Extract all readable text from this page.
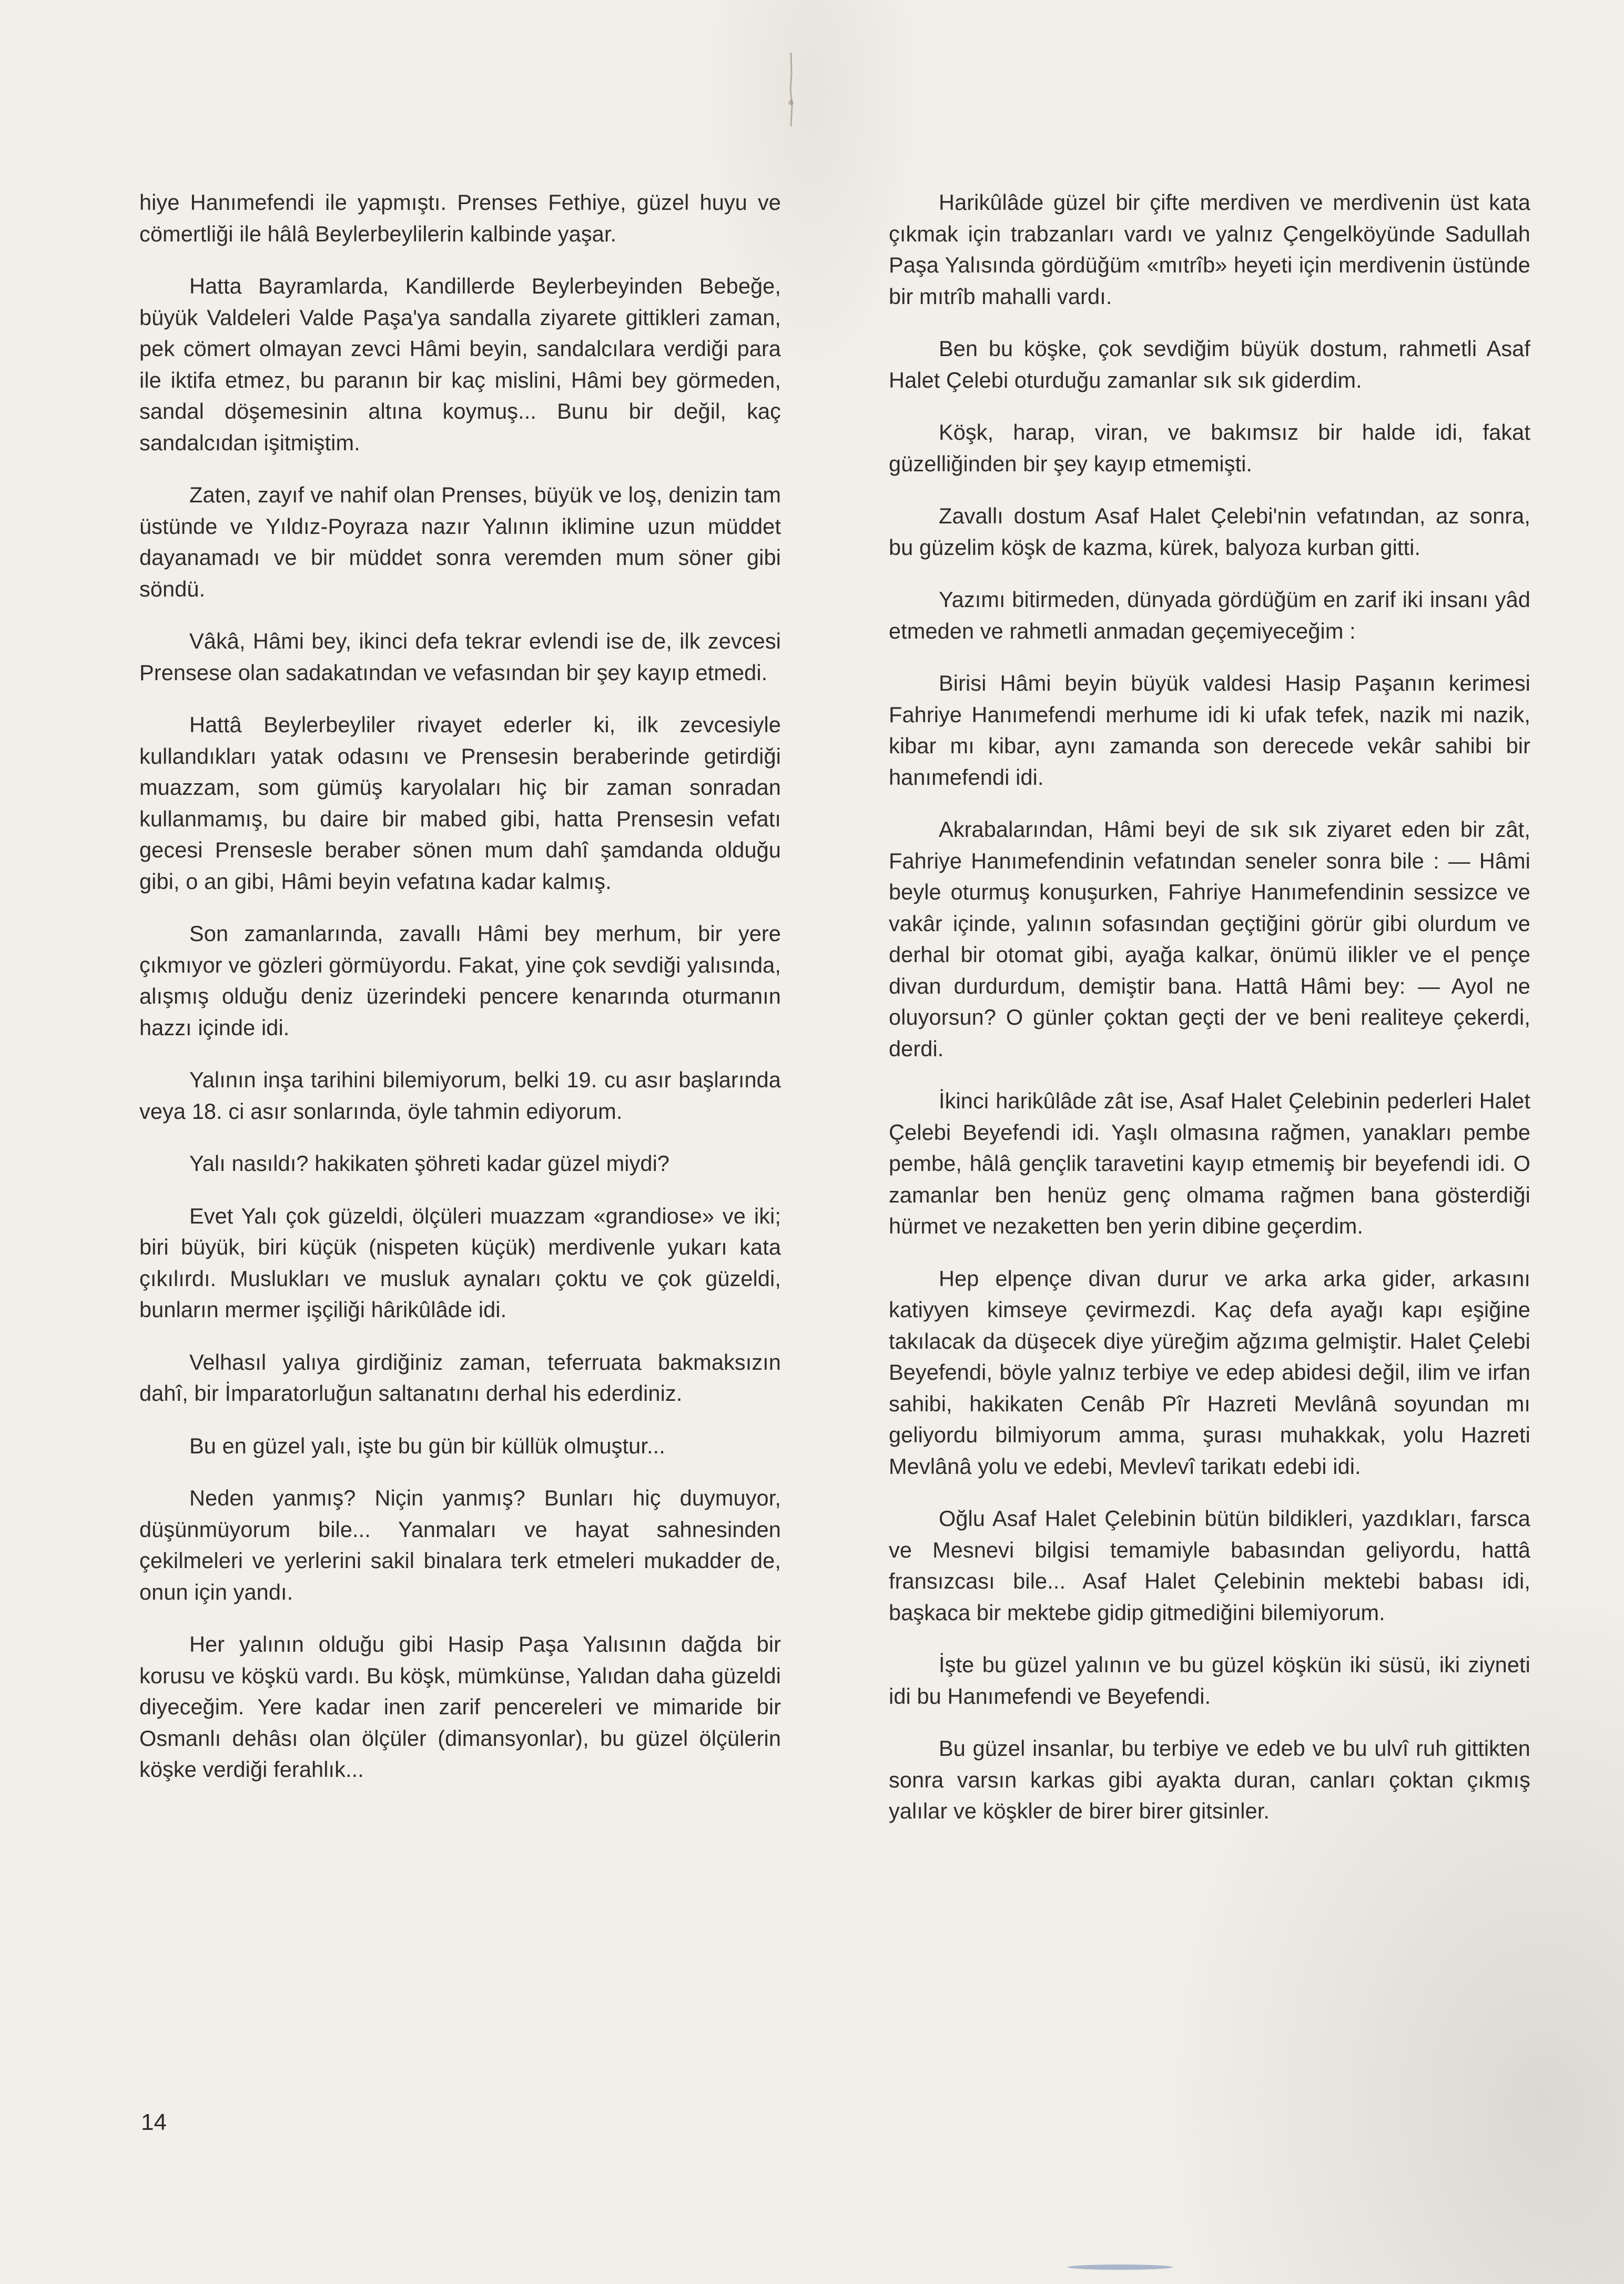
hiye Hanımefendi ile yapmıştı. Prenses Fethiye, güzel huyu ve cömertliği ile hâlâ Beylerbeylilerin kalbinde yaşar.

Hatta Bayramlarda, Kandillerde Beylerbeyinden Bebeğe, büyük Valdeleri Valde Paşa'ya sandalla ziyarete gittikleri zaman, pek cömert olmayan zevci Hâmi beyin, sandalcılara verdiği para ile iktifa etmez, bu paranın bir kaç mislini, Hâmi bey görmeden, sandal döşemesinin altına koymuş... Bunu bir değil, kaç sandalcıdan işitmiştim.

Zaten, zayıf ve nahif olan Prenses, büyük ve loş, denizin tam üstünde ve Yıldız-Poyraza nazır Yalının iklimine uzun müddet dayanamadı ve bir müddet sonra veremden mum söner gibi söndü.

Vâkâ, Hâmi bey, ikinci defa tekrar evlendi ise de, ilk zevcesi Prensese olan sadakatından ve vefasından bir şey kayıp etmedi.

Hattâ Beylerbeyliler rivayet ederler ki, ilk zevcesiyle kullandıkları yatak odasını ve Prensesin beraberinde getirdiği muazzam, som gümüş karyolaları hiç bir zaman sonradan kullanmamış, bu daire bir mabed gibi, hatta Prensesin vefatı gecesi Prensesle beraber sönen mum dahî şamdanda olduğu gibi, o an gibi, Hâmi beyin vefatına kadar kalmış.

Son zamanlarında, zavallı Hâmi bey merhum, bir yere çıkmıyor ve gözleri görmüyordu. Fakat, yine çok sevdiği yalısında, alışmış olduğu deniz üzerindeki pencere kenarında oturmanın hazzı içinde idi.

Yalının inşa tarihini bilemiyorum, belki 19. cu asır başlarında veya 18. ci asır sonlarında, öyle tahmin ediyorum.

Yalı nasıldı? hakikaten şöhreti kadar güzel miydi?

Evet Yalı çok güzeldi, ölçüleri muazzam «grandiose» ve iki; biri büyük, biri küçük (nispeten küçük) merdivenle yukarı kata çıkılırdı. Muslukları ve musluk aynaları çoktu ve çok güzeldi, bunların mermer işçiliği hârikûlâde idi.

Velhasıl yalıya girdiğiniz zaman, teferruata bakmaksızın dahî, bir İmparatorluğun saltanatını derhal his ederdiniz.

Bu en güzel yalı, işte bu gün bir küllük olmuştur...

Neden yanmış? Niçin yanmış? Bunları hiç duymuyor, düşünmüyorum bile... Yanmaları ve hayat sahnesinden çekilmeleri ve yerlerini sakil binalara terk etmeleri mukadder de, onun için yandı.

Her yalının olduğu gibi Hasip Paşa Yalısının dağda bir korusu ve köşkü vardı. Bu köşk, mümkünse, Yalıdan daha güzeldi diyeceğim. Yere kadar inen zarif pencereleri ve mimaride bir Osmanlı dehâsı olan ölçüler (dimansyonlar), bu güzel ölçülerin köşke verdiği ferahlık...

Harikûlâde güzel bir çifte merdiven ve merdivenin üst kata çıkmak için trabzanları vardı ve yalnız Çengelköyünde Sadullah Paşa Yalısında gördüğüm «mıtrîb» heyeti için merdivenin üstünde bir mıtrîb mahalli vardı.

Ben bu köşke, çok sevdiğim büyük dostum, rahmetli Asaf Halet Çelebi oturduğu zamanlar sık sık giderdim.

Köşk, harap, viran, ve bakımsız bir halde idi, fakat güzelliğinden bir şey kayıp etmemişti.

Zavallı dostum Asaf Halet Çelebi'nin vefatından, az sonra, bu güzelim köşk de kazma, kürek, balyoza kurban gitti.

Yazımı bitirmeden, dünyada gördüğüm en zarif iki insanı yâd etmeden ve rahmetli anmadan geçemiyeceğim :

Birisi Hâmi beyin büyük valdesi Hasip Paşanın kerimesi Fahriye Hanımefendi merhume idi ki ufak tefek, nazik mi nazik, kibar mı kibar, aynı zamanda son derecede vekâr sahibi bir hanımefendi idi.

Akrabalarından, Hâmi beyi de sık sık ziyaret eden bir zât, Fahriye Hanımefendinin vefatından seneler sonra bile : — Hâmi beyle oturmuş konuşurken, Fahriye Hanımefendinin sessizce ve vakâr içinde, yalının sofasından geçtiğini görür gibi olurdum ve derhal bir otomat gibi, ayağa kalkar, önümü ilikler ve el pençe divan durdurdum, demiştir bana. Hattâ Hâmi bey: — Ayol ne oluyorsun? O günler çoktan geçti der ve beni realiteye çekerdi, derdi.

İkinci harikûlâde zât ise, Asaf Halet Çelebinin pederleri Halet Çelebi Beyefendi idi. Yaşlı olmasına rağmen, yanakları pembe pembe, hâlâ gençlik taravetini kayıp etmemiş bir beyefendi idi. O zamanlar ben henüz genç olmama rağmen bana gösterdiği hürmet ve nezaketten ben yerin dibine geçerdim.

Hep elpençe divan durur ve arka arka gider, arkasını katiyyen kimseye çevirmezdi. Kaç defa ayağı kapı eşiğine takılacak da düşecek diye yüreğim ağzıma gelmiştir. Halet Çelebi Beyefendi, böyle yalnız terbiye ve edep abidesi değil, ilim ve irfan sahibi, hakikaten Cenâb Pîr Hazreti Mevlânâ soyundan mı geliyordu bilmiyorum amma, şurası muhakkak, yolu Hazreti Mevlânâ yolu ve edebi, Mevlevî tarikatı edebi idi.

Oğlu Asaf Halet Çelebinin bütün bildikleri, yazdıkları, farsca ve Mesnevi bilgisi temamiyle babasından geliyordu, hattâ fransızcası bile... Asaf Halet Çelebinin mektebi babası idi, başkaca bir mektebe gidip gitmediğini bilemiyorum.

İşte bu güzel yalının ve bu güzel köşkün iki süsü, iki ziyneti idi bu Hanımefendi ve Beyefendi.

Bu güzel insanlar, bu terbiye ve edeb ve bu ulvî ruh gittikten sonra varsın karkas gibi ayakta duran, canları çoktan çıkmış yalılar ve köşkler de birer birer gitsinler.

14
